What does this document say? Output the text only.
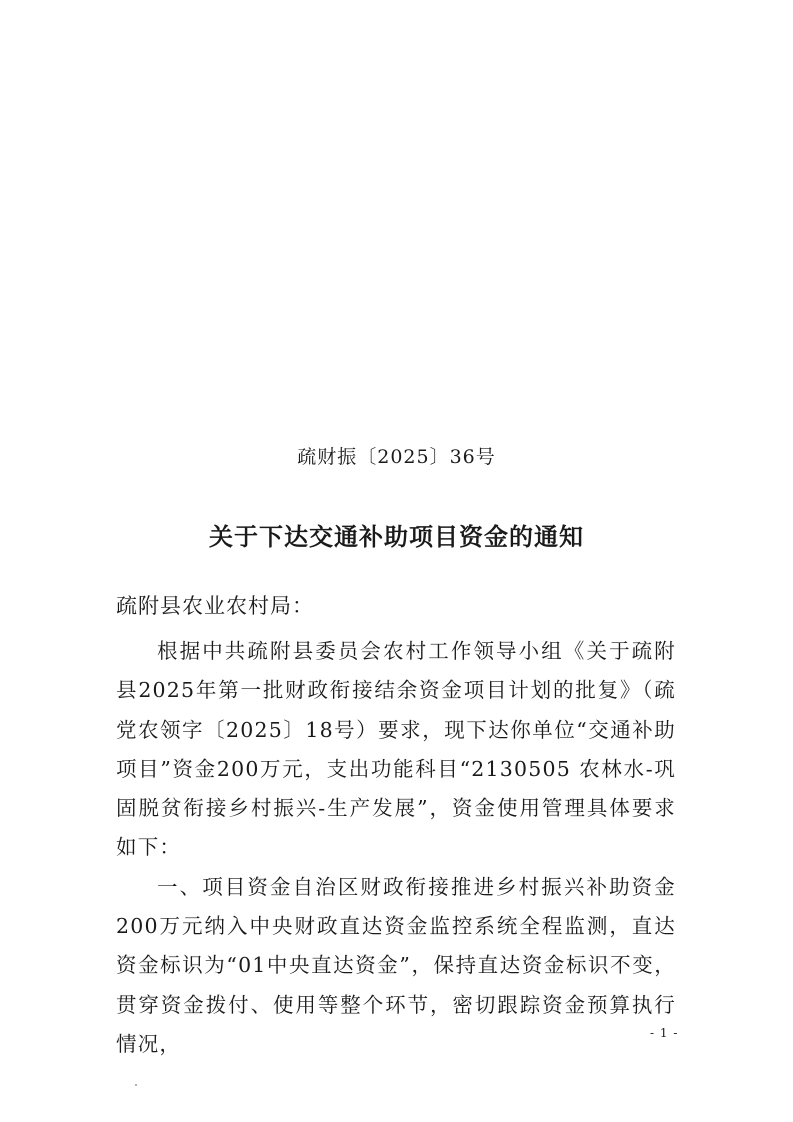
疏财振〔2025〕36号
关于下达交通补助项目资金的通知
疏附县农业农村局：

根据中共疏附县委员会农村工作领导小组《关于疏附县2025年第一批财政衔接结余资金项目计划的批复》（疏党农领字〔2025〕18号）要求，现下达你单位“交通补助项目”资金200万元，支出功能科目“2130505 农林水-巩固脱贫衔接乡村振兴-生产发展”，资金使用管理具体要求如下：

一、项目资金自治区财政衔接推进乡村振兴补助资金200万元纳入中央财政直达资金监控系统全程监测，直达资金标识为“01中央直达资金”，保持直达资金标识不变，贯穿资金拨付、使用等整个环节，密切跟踪资金预算执行情况，	- 1 -
